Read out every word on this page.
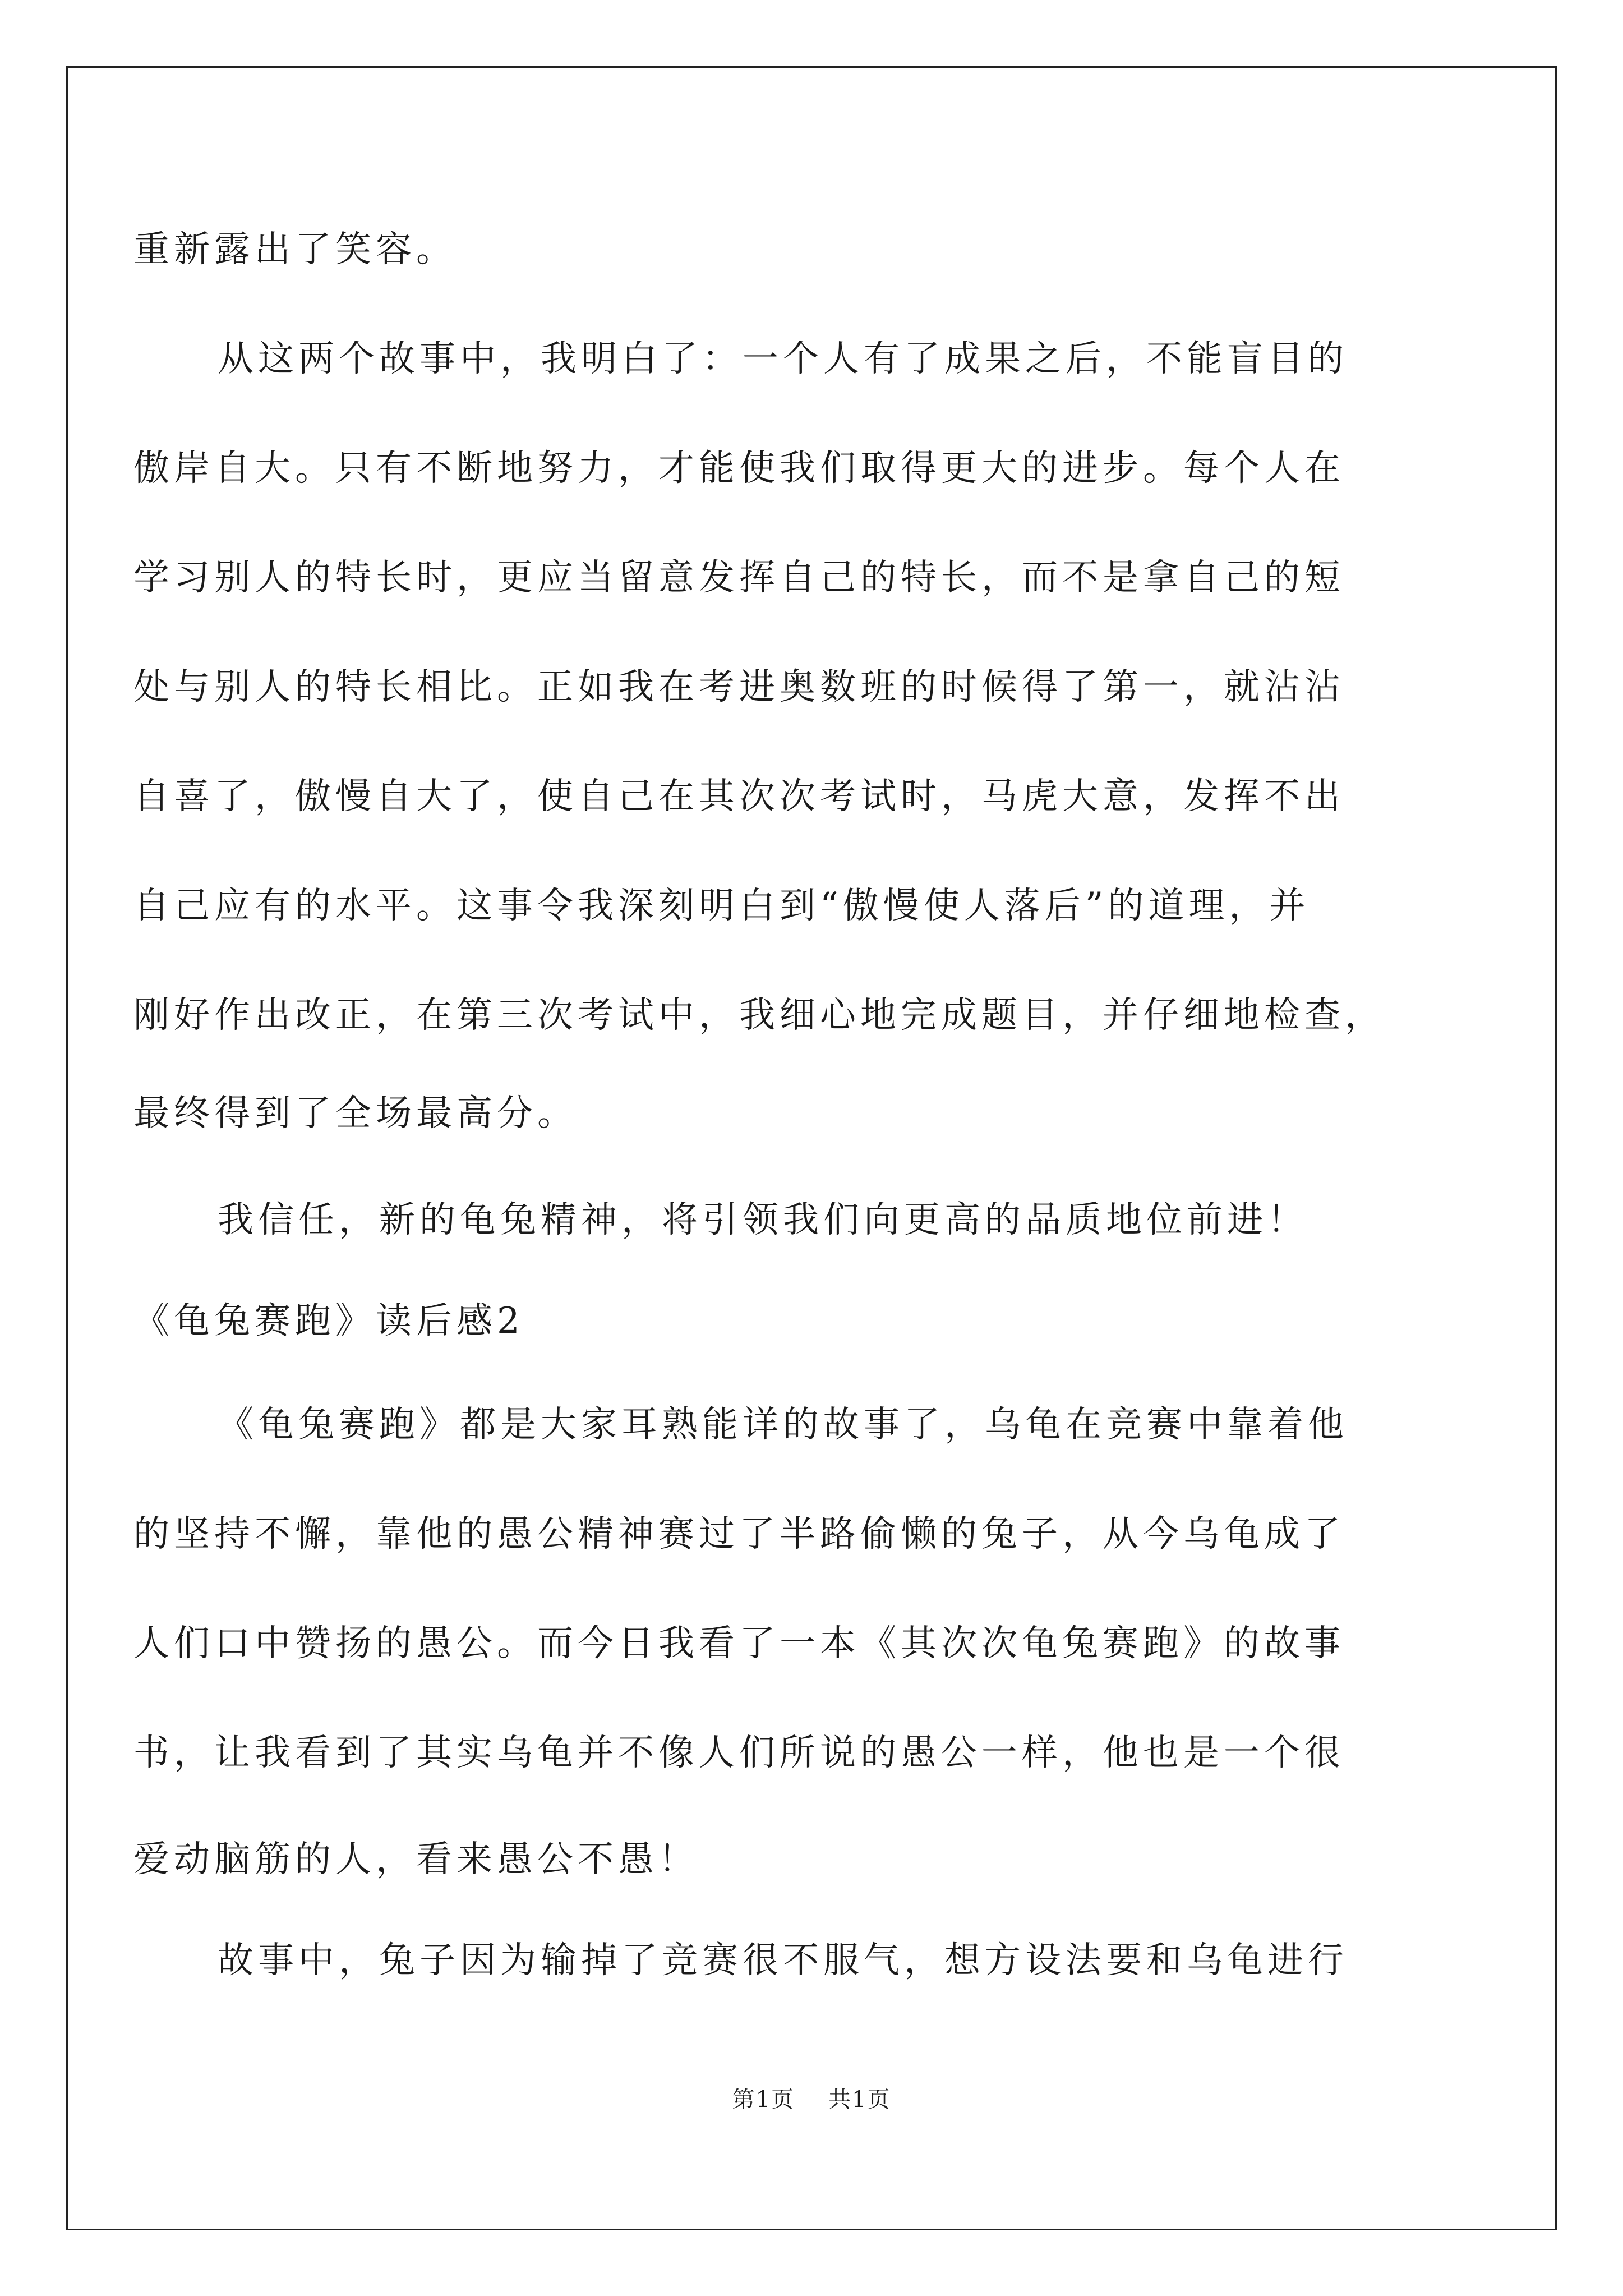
重新露出了笑容。
从这两个故事中，我明白了：一个人有了成果之后，不能盲目的
傲岸自大。只有不断地努力，才能使我们取得更大的进步。每个人在
学习别人的特长时，更应当留意发挥自己的特长，而不是拿自己的短
处与别人的特长相比。正如我在考进奥数班的时候得了第一，就沾沾
自喜了，傲慢自大了，使自己在其次次考试时，马虎大意，发挥不出
自己应有的水平。这事令我深刻明白到“傲慢使人落后”的道理，并
刚好作出改正，在第三次考试中，我细心地完成题目，并仔细地检查，
最终得到了全场最高分。
我信任，新的龟兔精神，将引领我们向更高的品质地位前进！
《龟兔赛跑》读后感2
《龟兔赛跑》都是大家耳熟能详的故事了，乌龟在竞赛中靠着他
的坚持不懈，靠他的愚公精神赛过了半路偷懒的兔子，从今乌龟成了
人们口中赞扬的愚公。而今日我看了一本《其次次龟兔赛跑》的故事
书，让我看到了其实乌龟并不像人们所说的愚公一样，他也是一个很
爱动脑筋的人，看来愚公不愚！
故事中，兔子因为输掉了竞赛很不服气，想方设法要和乌龟进行
第1页 共1页
